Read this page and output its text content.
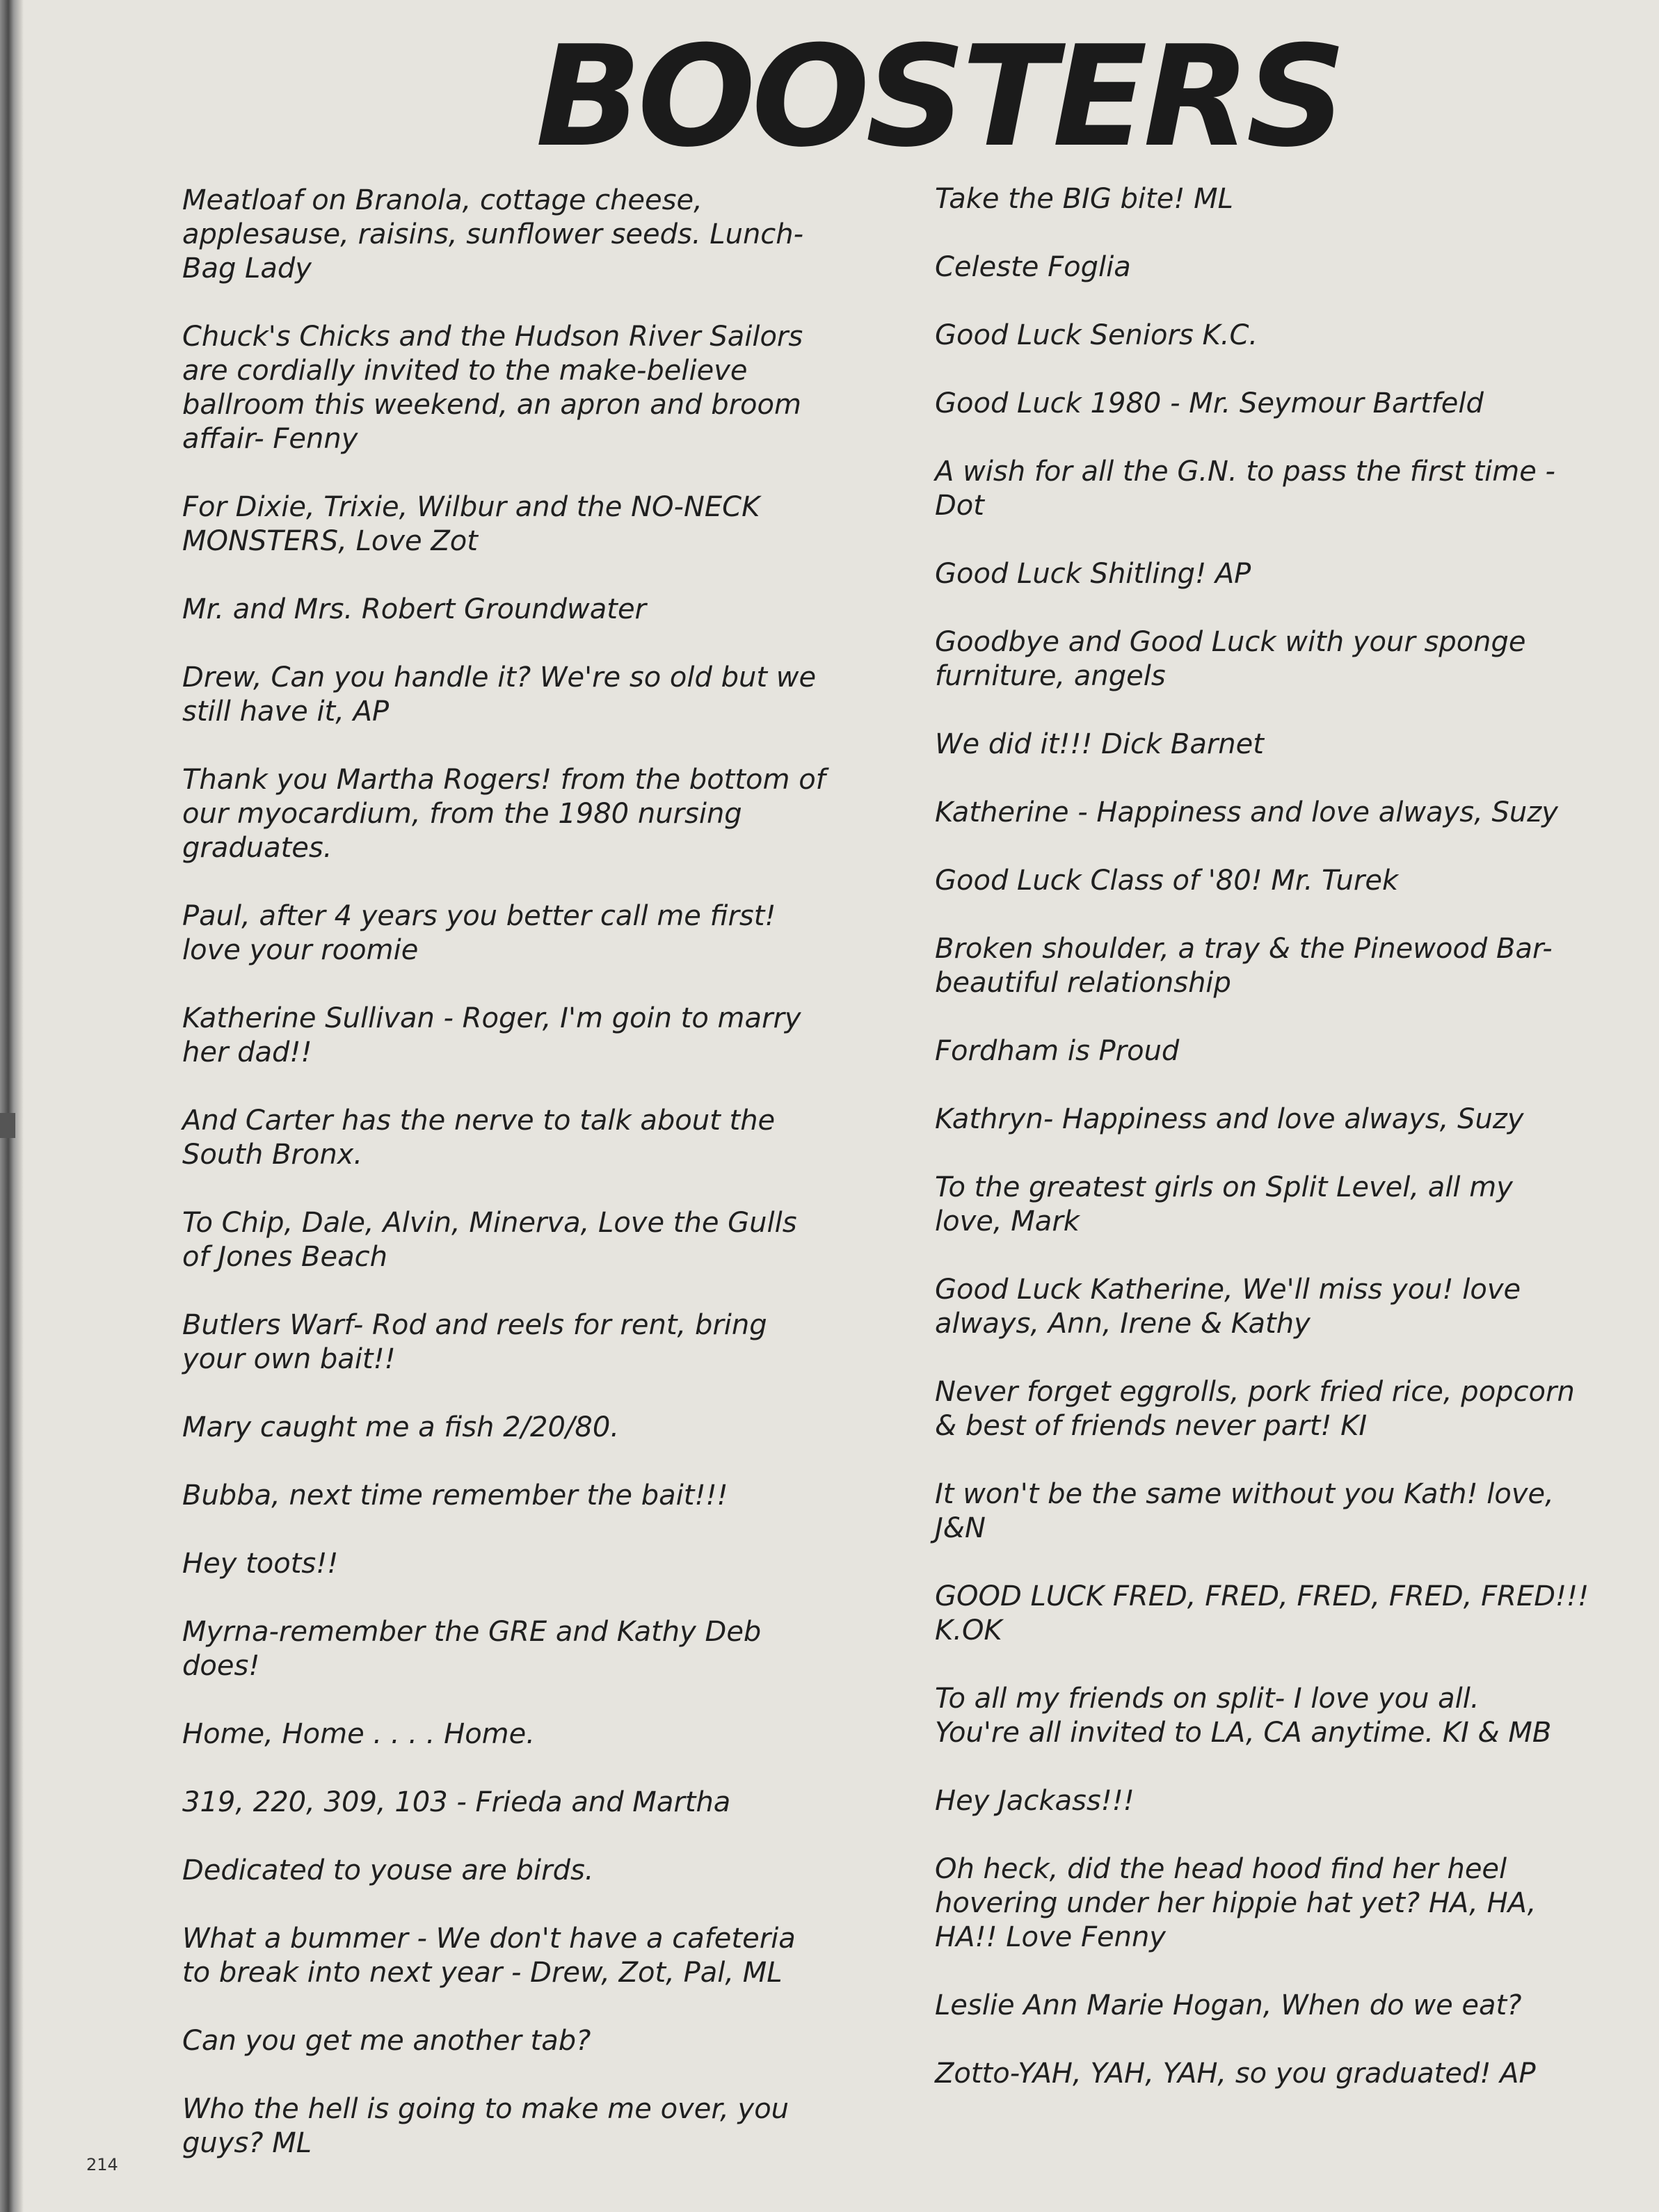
BOOSTERS

Meatloaf on Branola, cottage cheese,
applesause, raisins, sunflower seeds. Lunch-
Bag Lady

Chuck's Chicks and the Hudson River Sailors
are cordially invited to the make-believe
ballroom this weekend, an apron and broom
affair- Fenny

For Dixie, Trixie, Wilbur and the NO-NECK
MONSTERS, Love Zot

Mr. and Mrs. Robert Groundwater

Drew, Can you handle it? We're so old but we
still have it, AP

Thank you Martha Rogers! from the bottom of
our myocardium, from the 1980 nursing
graduates.

Paul, after 4 years you better call me first!
love your roomie

Katherine Sullivan - Roger, I'm goin to marry
her dad!!

And Carter has the nerve to talk about the
South Bronx.

To Chip, Dale, Alvin, Minerva, Love the Gulls
of Jones Beach

Butlers Warf- Rod and reels for rent, bring
your own bait!!

Mary caught me a fish 2/20/80.

Bubba, next time remember the bait!!!

Hey toots!!

Myrna-remember the GRE and Kathy Deb
does!

Home, Home . . . . Home.

319, 220, 309, 103 - Frieda and Martha

Dedicated to youse are birds.

What a bummer - We don't have a cafeteria
to break into next year - Drew, Zot, Pal, ML

Can you get me another tab?

Who the hell is going to make me over, you
guys? ML

Take the BIG bite! ML

Celeste Foglia

Good Luck Seniors K.C.

Good Luck 1980 - Mr. Seymour Bartfeld

A wish for all the G.N. to pass the first time -
Dot

Good Luck Shitling! AP

Goodbye and Good Luck with your sponge
furniture, angels

We did it!!! Dick Barnet

Katherine - Happiness and love always, Suzy

Good Luck Class of '80! Mr. Turek

Broken shoulder, a tray & the Pinewood Bar-
beautiful relationship

Fordham is Proud

Kathryn- Happiness and love always, Suzy

To the greatest girls on Split Level, all my
love, Mark

Good Luck Katherine, We'll miss you! love
always, Ann, Irene & Kathy

Never forget eggrolls, pork fried rice, popcorn
& best of friends never part! KI

It won't be the same without you Kath! love,
J&N

GOOD LUCK FRED, FRED, FRED, FRED, FRED!!!
K.OK

To all my friends on split- I love you all.
You're all invited to LA, CA anytime. KI & MB

Hey Jackass!!!

Oh heck, did the head hood find her heel
hovering under her hippie hat yet? HA, HA,
HA!! Love Fenny

Leslie Ann Marie Hogan, When do we eat?

Zotto-YAH, YAH, YAH, so you graduated! AP

214
